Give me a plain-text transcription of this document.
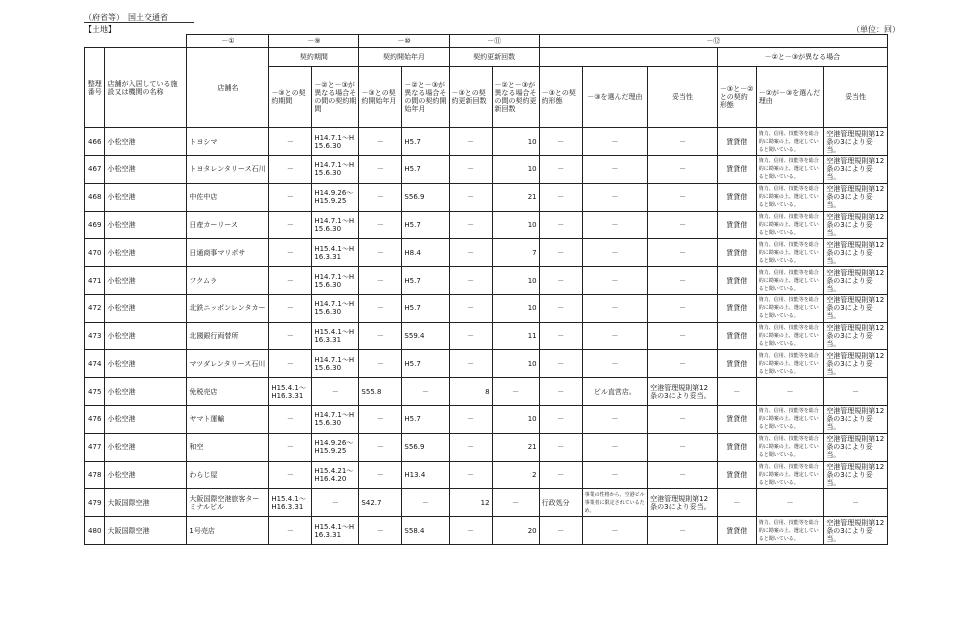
（府省等）　国土交通省
【土地】	（単位：回）
		－①	－⑨		－⑩		－⑪		－⑫					
整理番号	店舗が入居している施設又は機関の名称	店舗名	契約期間		契約開始年月		契約更新回数					－②と－③が異なる場合		
			－③との契約期間	－②と－③が異なる場合その間の契約期間	－③との契約開始年月	－②と－③が異なる場合その間の契約開始年月	－③との契約更新回数	－②と－③が異なる場合その間の契約更新回数	－③との契約形態	－③を選んだ理由	妥当性	－③と－②との契約形態	－②が－③を選んだ理由	妥当性
466	小松空港	トヨシマ	－	H14.7.1～H15.6.30	－	H5.7	－	10	－	－	－	賃貸借	資力、信用、技能等を総合的に勘案の上、選定していると聞いている。	空港管理規則第12条の3により妥当。
467	小松空港	トヨタレンタリース石川	－	H14.7.1～H15.6.30	－	H5.7	－	10	－	－	－	賃貸借	資力、信用、技能等を総合的に勘案の上、選定していると聞いている。	空港管理規則第12条の3により妥当。
468	小松空港	中佐中店	－	H14.9.26～H15.9.25	－	S56.9	－	21	－	－	－	賃貸借	資力、信用、技能等を総合的に勘案の上、選定していると聞いている。	空港管理規則第12条の3により妥当。
469	小松空港	日産カーリース	－	H14.7.1～H15.6.30	－	H5.7	－	10	－	－	－	賃貸借	資力、信用、技能等を総合的に勘案の上、選定していると聞いている。	空港管理規則第12条の3により妥当。
470	小松空港	日通商事マリポサ	－	H15.4.1～H16.3.31	－	H8.4	－	7	－	－	－	賃貸借	資力、信用、技能等を総合的に勘案の上、選定していると聞いている。	空港管理規則第12条の3により妥当。
471	小松空港	フクムラ	－	H14.7.1～H15.6.30	－	H5.7	－	10	－	－	－	賃貸借	資力、信用、技能等を総合的に勘案の上、選定していると聞いている。	空港管理規則第12条の3により妥当。
472	小松空港	北鉄ニッポンレンタカー	－	H14.7.1～H15.6.30	－	H5.7	－	10	－	－	－	賃貸借	資力、信用、技能等を総合的に勘案の上、選定していると聞いている。	空港管理規則第12条の3により妥当。
473	小松空港	北國銀行両替所	－	H15.4.1～H16.3.31	－	S59.4	－	11	－	－	－	賃貸借	資力、信用、技能等を総合的に勘案の上、選定していると聞いている。	空港管理規則第12条の3により妥当。
474	小松空港	マツダレンタリース石川	－	H14.7.1～H15.6.30	－	H5.7	－	10	－	－	－	賃貸借	資力、信用、技能等を総合的に勘案の上、選定していると聞いている。	空港管理規則第12条の3により妥当。
475	小松空港	免税売店	H15.4.1～H16.3.31	－	S55.8	－	8	－	－	ビル直営店。	空港管理規則第12条の3により妥当。	－	－	－
476	小松空港	ヤマト運輸	－	H14.7.1～H15.6.30	－	H5.7	－	10	－	－	－	賃貸借	資力、信用、技能等を総合的に勘案の上、選定していると聞いている。	空港管理規則第12条の3により妥当。
477	小松空港	和空	－	H14.9.26～H15.9.25	－	S56.9	－	21	－	－	－	賃貸借	資力、信用、技能等を総合的に勘案の上、選定していると聞いている。	空港管理規則第12条の3により妥当。
478	小松空港	わらじ屋	－	H15.4.21～H16.4.20	－	H13.4	－	2	－	－	－	賃貸借	資力、信用、技能等を総合的に勘案の上、選定していると聞いている。	空港管理規則第12条の3により妥当。
479	大阪国際空港	大阪国際空港旅客ターミナルビル	H15.4.1～H16.3.31	－	S42.7	－	12	－	行政処分	事業の性格から、空港ビル事業者に限定されているため。	空港管理規則第12条の3により妥当。	－	－	－
480	大阪国際空港	1号売店	－	H15.4.1～H16.3.31	－	S58.4	－	20	－	－	－	賃貸借	資力、信用、技能等を総合的に勘案の上、選定していると聞いている。	空港管理規則第12条の3により妥当。
